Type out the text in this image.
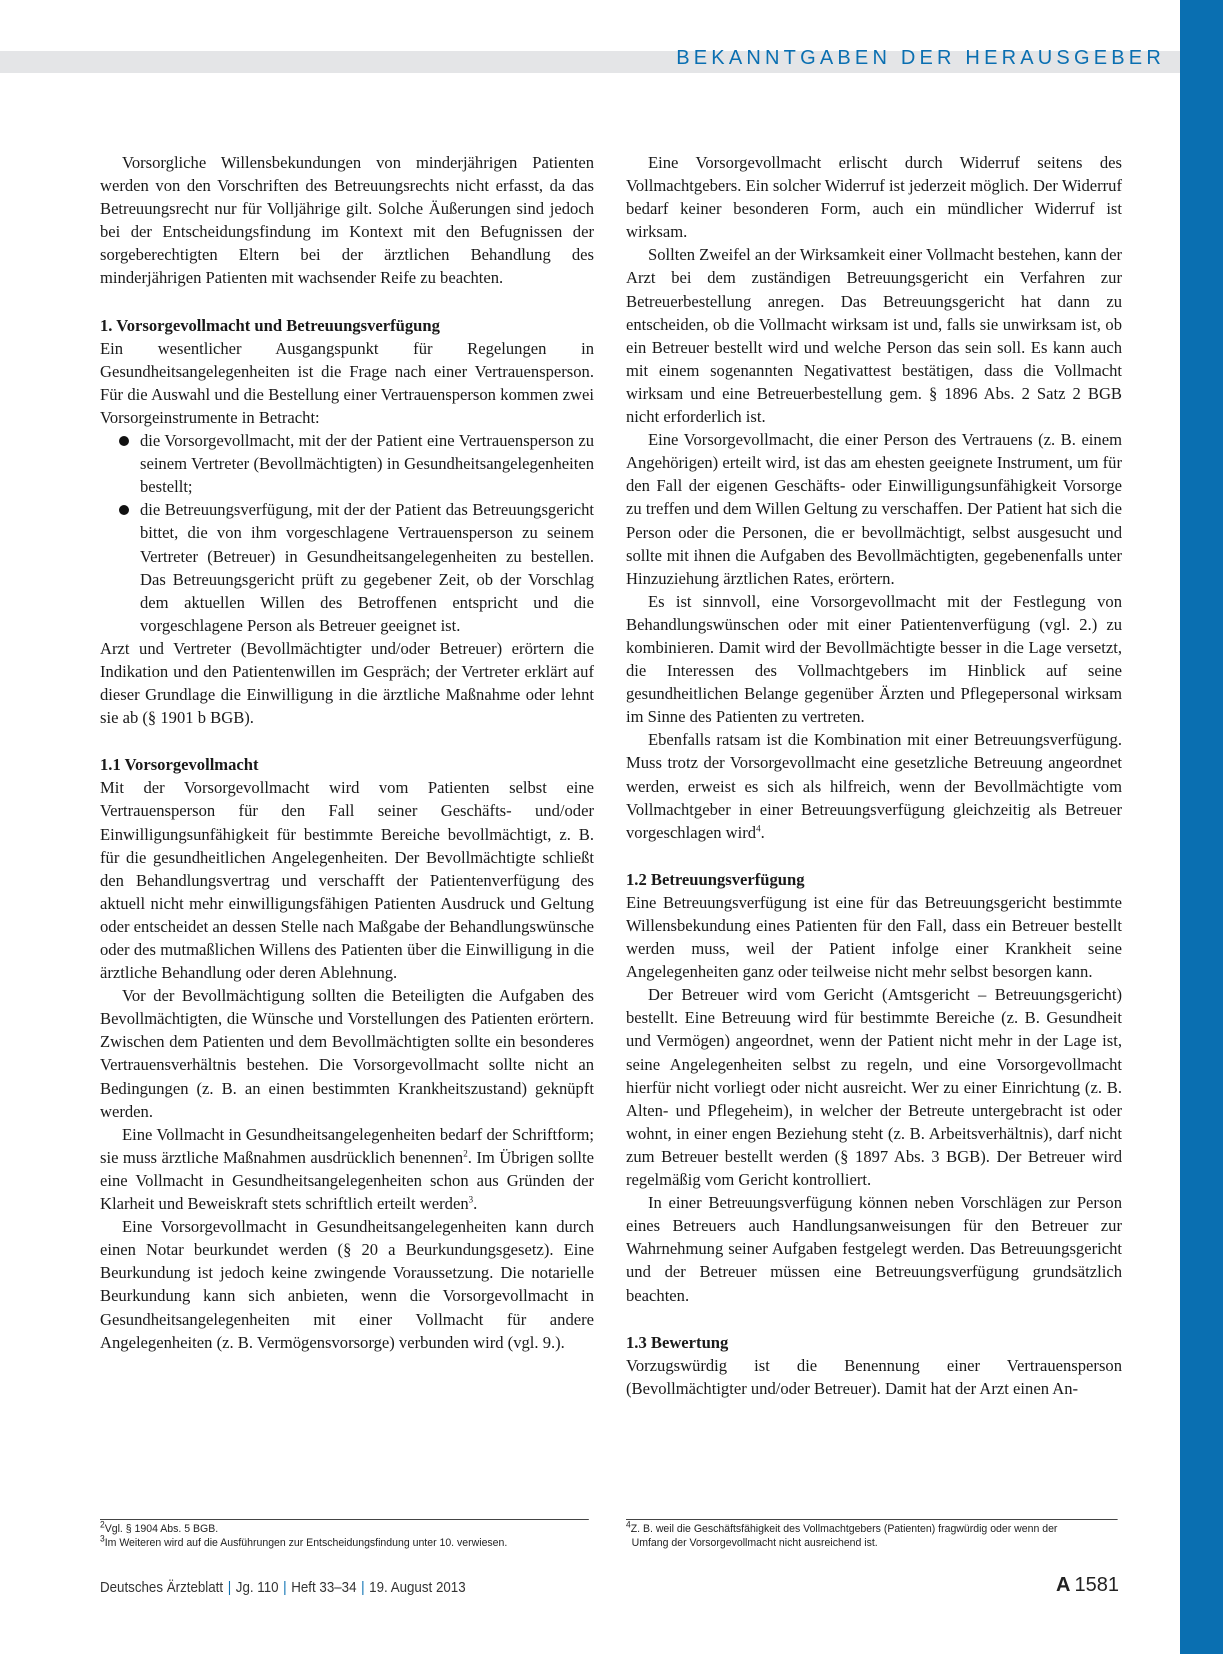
BEKANNTGABEN DER HERAUSGEBER

Vorsorgliche Willensbekundungen von minderjährigen Patienten werden von den Vorschriften des Betreuungsrechts nicht erfasst, da das Betreuungsrecht nur für Volljährige gilt. Solche Äußerungen sind jedoch bei der Entscheidungsfindung im Kontext mit den Befugnissen der sorgeberechtigten Eltern bei der ärztlichen Behandlung des minderjährigen Patienten mit wachsender Reife zu beachten.

1. Vorsorgevollmacht und Betreuungsverfügung

Ein wesentlicher Ausgangspunkt für Regelungen in Gesundheitsangelegenheiten ist die Frage nach einer Vertrauensperson. Für die Auswahl und die Bestellung einer Vertrauensperson kommen zwei Vorsorgeinstrumente in Betracht:

die Vorsorgevollmacht, mit der der Patient eine Vertrauensperson zu seinem Vertreter (Bevollmächtigten) in Gesundheitsangelegenheiten bestellt;
die Betreuungsverfügung, mit der der Patient das Betreuungsgericht bittet, die von ihm vorgeschlagene Vertrauensperson zu seinem Vertreter (Betreuer) in Gesundheitsangelegenheiten zu bestellen. Das Betreuungsgericht prüft zu gegebener Zeit, ob der Vorschlag dem aktuellen Willen des Betroffenen entspricht und die vorgeschlagene Person als Betreuer geeignet ist.

Arzt und Vertreter (Bevollmächtigter und/oder Betreuer) erörtern die Indikation und den Patientenwillen im Gespräch; der Vertreter erklärt auf dieser Grundlage die Einwilligung in die ärztliche Maßnahme oder lehnt sie ab (§ 1901 b BGB).

1.1 Vorsorgevollmacht

Mit der Vorsorgevollmacht wird vom Patienten selbst eine Vertrauensperson für den Fall seiner Geschäfts- und/oder Einwilligungsunfähigkeit für bestimmte Bereiche bevollmächtigt, z. B. für die gesundheitlichen Angelegenheiten. Der Bevollmächtigte schließt den Behandlungsvertrag und verschafft der Patientenverfügung des aktuell nicht mehr einwilligungsfähigen Patienten Ausdruck und Geltung oder entscheidet an dessen Stelle nach Maßgabe der Behandlungswünsche oder des mutmaßlichen Willens des Patienten über die Einwilligung in die ärztliche Behandlung oder deren Ablehnung.

Vor der Bevollmächtigung sollten die Beteiligten die Aufgaben des Bevollmächtigten, die Wünsche und Vorstellungen des Patienten erörtern. Zwischen dem Patienten und dem Bevollmächtigten sollte ein besonderes Vertrauensverhältnis bestehen. Die Vorsorgevollmacht sollte nicht an Bedingungen (z. B. an einen bestimmten Krankheitszustand) geknüpft werden.

Eine Vollmacht in Gesundheitsangelegenheiten bedarf der Schriftform; sie muss ärztliche Maßnahmen ausdrücklich benennen$^2$. Im Übrigen sollte eine Vollmacht in Gesundheitsangelegenheiten schon aus Gründen der Klarheit und Beweiskraft stets schriftlich erteilt werden$^3$.

Eine Vorsorgevollmacht in Gesundheitsangelegenheiten kann durch einen Notar beurkundet werden (§ 20 a Beurkundungsgesetz). Eine Beurkundung ist jedoch keine zwingende Voraussetzung. Die notarielle Beurkundung kann sich anbieten, wenn die Vorsorgevollmacht in Gesundheitsangelegenheiten mit einer Vollmacht für andere Angelegenheiten (z. B. Vermögensvorsorge) verbunden wird (vgl. 9.).

Eine Vorsorgevollmacht erlischt durch Widerruf seitens des Vollmachtgebers. Ein solcher Widerruf ist jederzeit möglich. Der Widerruf bedarf keiner besonderen Form, auch ein mündlicher Widerruf ist wirksam.

Sollten Zweifel an der Wirksamkeit einer Vollmacht bestehen, kann der Arzt bei dem zuständigen Betreuungsgericht ein Verfahren zur Betreuerbestellung anregen. Das Betreuungsgericht hat dann zu entscheiden, ob die Vollmacht wirksam ist und, falls sie unwirksam ist, ob ein Betreuer bestellt wird und welche Person das sein soll. Es kann auch mit einem sogenannten Negativattest bestätigen, dass die Vollmacht wirksam und eine Betreuerbestellung gem. § 1896 Abs. 2 Satz 2 BGB nicht erforderlich ist.

Eine Vorsorgevollmacht, die einer Person des Vertrauens (z. B. einem Angehörigen) erteilt wird, ist das am ehesten geeignete Instrument, um für den Fall der eigenen Geschäfts- oder Einwilligungsunfähigkeit Vorsorge zu treffen und dem Willen Geltung zu verschaffen. Der Patient hat sich die Person oder die Personen, die er bevollmächtigt, selbst ausgesucht und sollte mit ihnen die Aufgaben des Bevollmächtigten, gegebenenfalls unter Hinzuziehung ärztlichen Rates, erörtern.

Es ist sinnvoll, eine Vorsorgevollmacht mit der Festlegung von Behandlungswünschen oder mit einer Patientenverfügung (vgl. 2.) zu kombinieren. Damit wird der Bevollmächtigte besser in die Lage versetzt, die Interessen des Vollmachtgebers im Hinblick auf seine gesundheitlichen Belange gegenüber Ärzten und Pflegepersonal wirksam im Sinne des Patienten zu vertreten.

Ebenfalls ratsam ist die Kombination mit einer Betreuungsverfügung. Muss trotz der Vorsorgevollmacht eine gesetzliche Betreuung angeordnet werden, erweist es sich als hilfreich, wenn der Bevollmächtigte vom Vollmachtgeber in einer Betreuungsverfügung gleichzeitig als Betreuer vorgeschlagen wird$^4$.

1.2 Betreuungsverfügung

Eine Betreuungsverfügung ist eine für das Betreuungsgericht bestimmte Willensbekundung eines Patienten für den Fall, dass ein Betreuer bestellt werden muss, weil der Patient infolge einer Krankheit seine Angelegenheiten ganz oder teilweise nicht mehr selbst besorgen kann.

Der Betreuer wird vom Gericht (Amtsgericht – Betreuungsgericht) bestellt. Eine Betreuung wird für bestimmte Bereiche (z. B. Gesundheit und Vermögen) angeordnet, wenn der Patient nicht mehr in der Lage ist, seine Angelegenheiten selbst zu regeln, und eine Vorsorgevollmacht hierfür nicht vorliegt oder nicht ausreicht. Wer zu einer Einrichtung (z. B. Alten- und Pflegeheim), in welcher der Betreute untergebracht ist oder wohnt, in einer engen Beziehung steht (z. B. Arbeitsverhältnis), darf nicht zum Betreuer bestellt werden (§ 1897 Abs. 3 BGB). Der Betreuer wird regelmäßig vom Gericht kontrolliert.

In einer Betreuungsverfügung können neben Vorschlägen zur Person eines Betreuers auch Handlungsanweisungen für den Betreuer zur Wahrnehmung seiner Aufgaben festgelegt werden. Das Betreuungsgericht und der Betreuer müssen eine Betreuungsverfügung grundsätzlich beachten.

1.3 Bewertung

Vorzugswürdig ist die Benennung einer Vertrauensperson (Bevollmächtigter und/oder Betreuer). Damit hat der Arzt einen An-

$^2$Vgl. § 1904 Abs. 5 BGB.
$^3$Im Weiteren wird auf die Ausführungen zur Entscheidungsfindung unter 10. verwiesen.
$^4$Z. B. weil die Geschäftsfähigkeit des Vollmachtgebers (Patienten) fragwürdig oder wenn der
Umfang der Vorsorgevollmacht nicht ausreichend ist.
Deutsches Ärzteblatt | Jg. 110 | Heft 33–34 | 19. August 2013	A 1581
